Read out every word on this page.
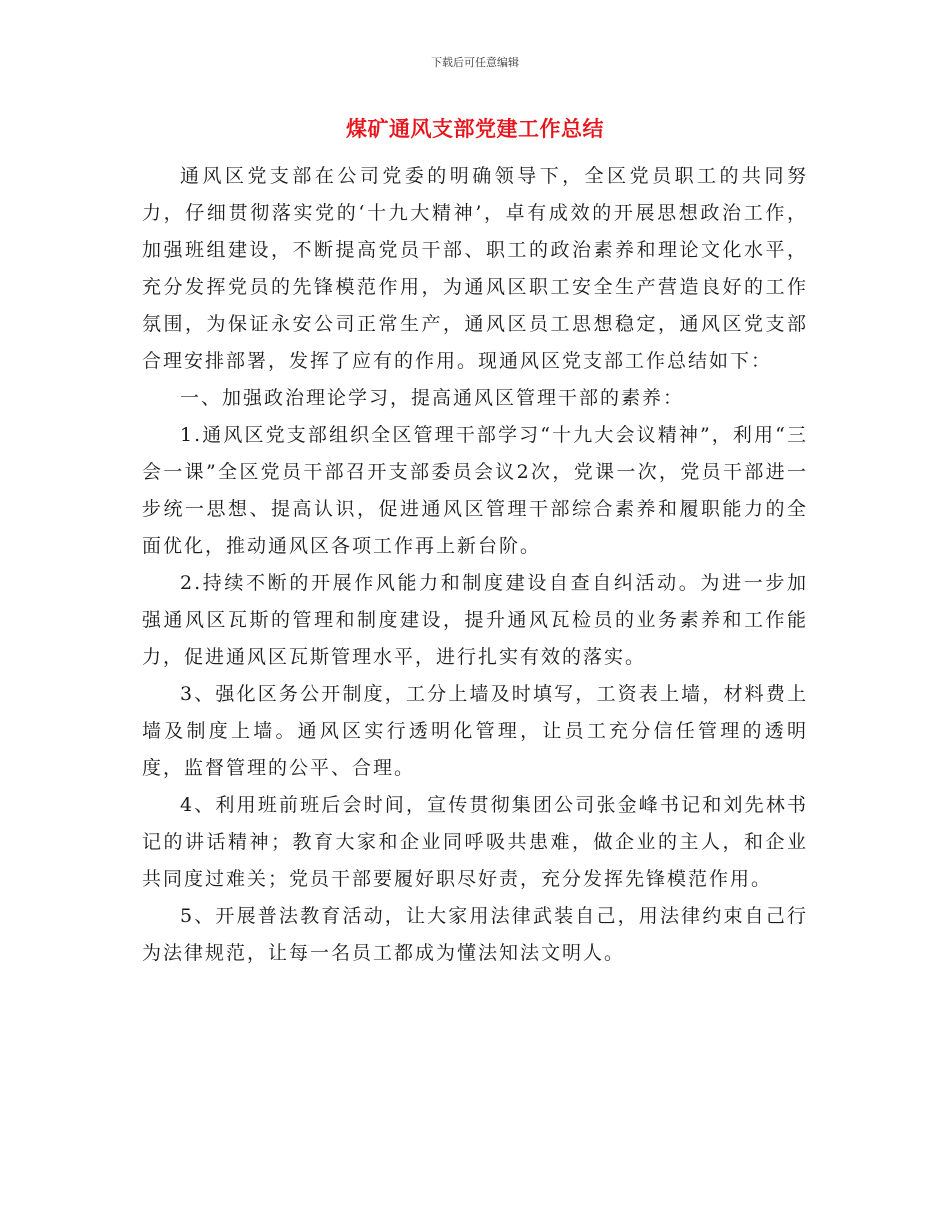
下载后可任意编辑
煤矿通风支部党建工作总结

通风区党支部在公司党委的明确领导下，全区党员职工的共同努力，仔细贯彻落实党的‘十九大精神’，卓有成效的开展思想政治工作，加强班组建设，不断提高党员干部、职工的政治素养和理论文化水平，充分发挥党员的先锋模范作用，为通风区职工安全生产营造良好的工作氛围，为保证永安公司正常生产，通风区员工思想稳定，通风区党支部合理安排部署，发挥了应有的作用。现通风区党支部工作总结如下：

一、加强政治理论学习，提高通风区管理干部的素养：

1.通风区党支部组织全区管理干部学习“十九大会议精神”，利用“三会一课”全区党员干部召开支部委员会议2次，党课一次，党员干部进一步统一思想、提高认识，促进通风区管理干部综合素养和履职能力的全面优化，推动通风区各项工作再上新台阶。

2.持续不断的开展作风能力和制度建设自查自纠活动。为进一步加强通风区瓦斯的管理和制度建设，提升通风瓦检员的业务素养和工作能力，促进通风区瓦斯管理水平，进行扎实有效的落实。

3、强化区务公开制度，工分上墙及时填写，工资表上墙，材料费上墙及制度上墙。通风区实行透明化管理，让员工充分信任管理的透明度，监督管理的公平、合理。

4、利用班前班后会时间，宣传贯彻集团公司张金峰书记和刘先林书记的讲话精神；教育大家和企业同呼吸共患难，做企业的主人，和企业共同度过难关；党员干部要履好职尽好责，充分发挥先锋模范作用。

5、开展普法教育活动，让大家用法律武装自己，用法律约束自己行为法律规范，让每一名员工都成为懂法知法文明人。
